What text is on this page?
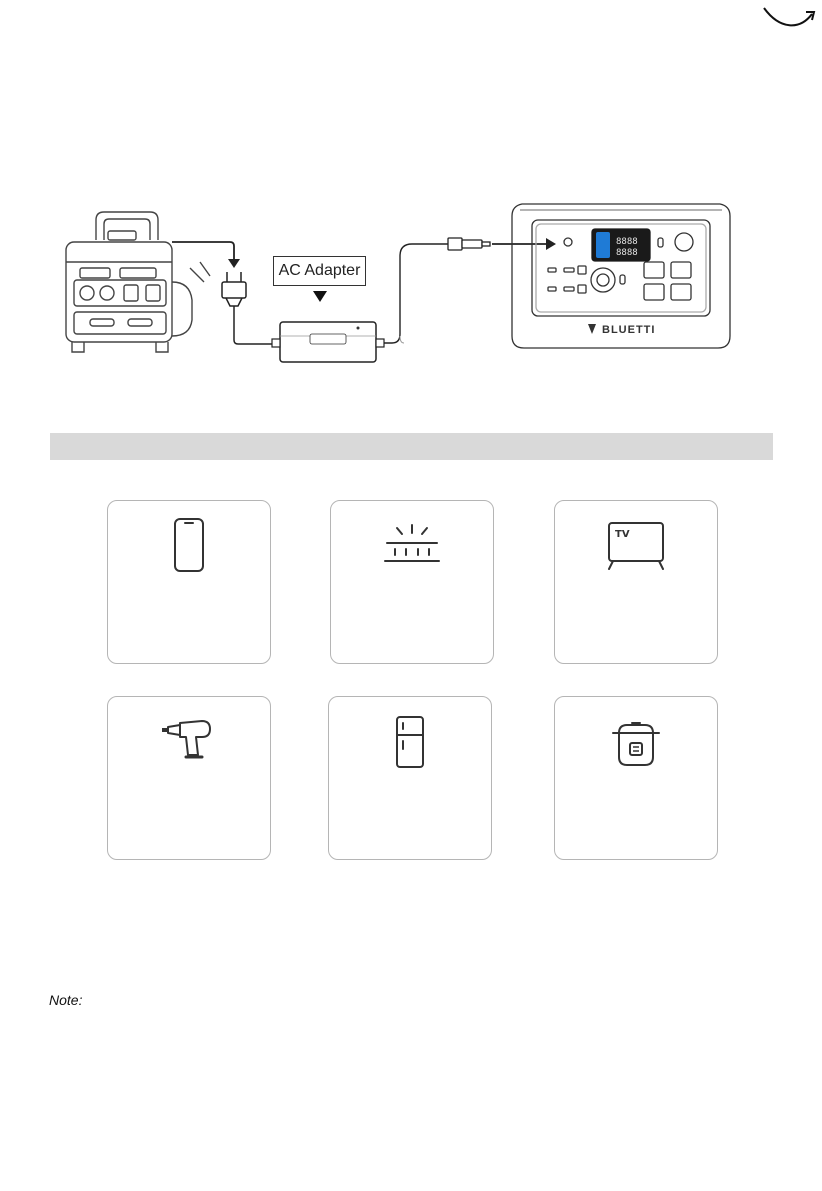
8888
8888
BLUETTI
AC Adapter
TV
Note:
